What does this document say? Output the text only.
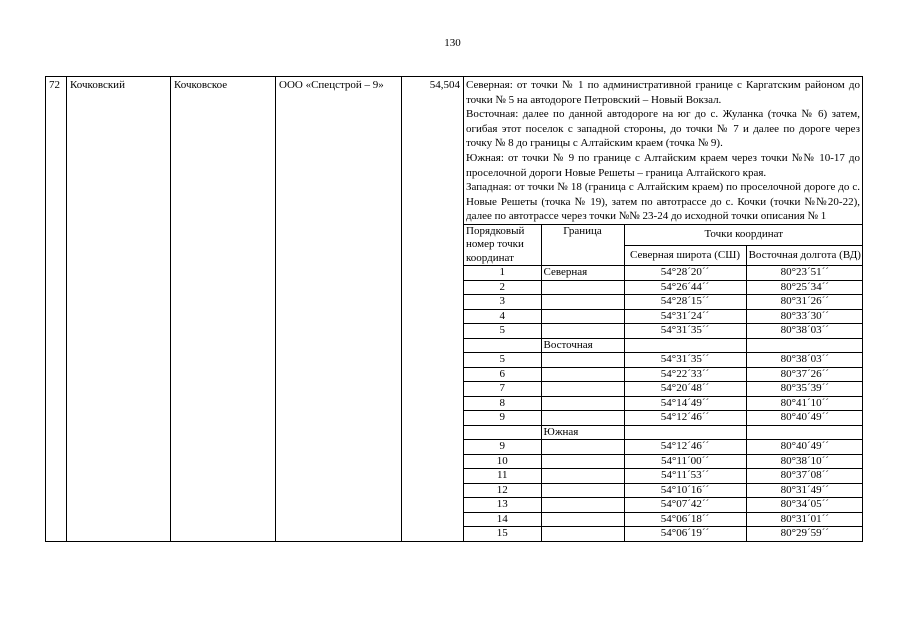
130
72	Кочковский	Кочковское	ООО «Спецстрой – 9»	54,504	Северная: от точки № 1 по административной границе с Каргатским районом до точки № 5 на автодороге Петровский – Новый Вокзал.

Восточная: далее по данной автодороге на юг до с. Жуланка (точка № 6) затем, огибая этот поселок с западной стороны, до точки № 7 и далее по дороге через точку № 8 до границы с Алтайским краем (точка № 9).

Южная: от точки № 9 по границе с Алтайским краем через точки №№ 10-17 до проселочной дороги Новые Решеты – граница Алтайского края.

Западная: от точки № 18 (граница с Алтайским краем) по проселочной дороге до с. Новые Решеты (точка № 19), затем по автотрассе до с. Кочки (точки №№20-22), далее по автотрассе через точки №№ 23-24 до исходной точки описания № 1

Порядковый номер точки координат	Граница	Точки координат
Северная широта (СШ)	Восточная долгота (ВД)
1	Северная	54°28´20´´	80°23´51´´
2		54°26´44´´	80°25´34´´
3		54°28´15´´	80°31´26´´
4		54°31´24´´	80°33´30´´
5		54°31´35´´	80°38´03´´
	Восточная		
5		54°31´35´´	80°38´03´´
6		54°22´33´´	80°37´26´´
7		54°20´48´´	80°35´39´´
8		54°14´49´´	80°41´10´´
9		54°12´46´´	80°40´49´´
	Южная		
9		54°12´46´´	80°40´49´´
10		54°11´00´´	80°38´10´´
11		54°11´53´´	80°37´08´´
12		54°10´16´´	80°31´49´´
13		54°07´42´´	80°34´05´´
14		54°06´18´´	80°31´01´´
15		54°06´19´´	80°29´59´´
